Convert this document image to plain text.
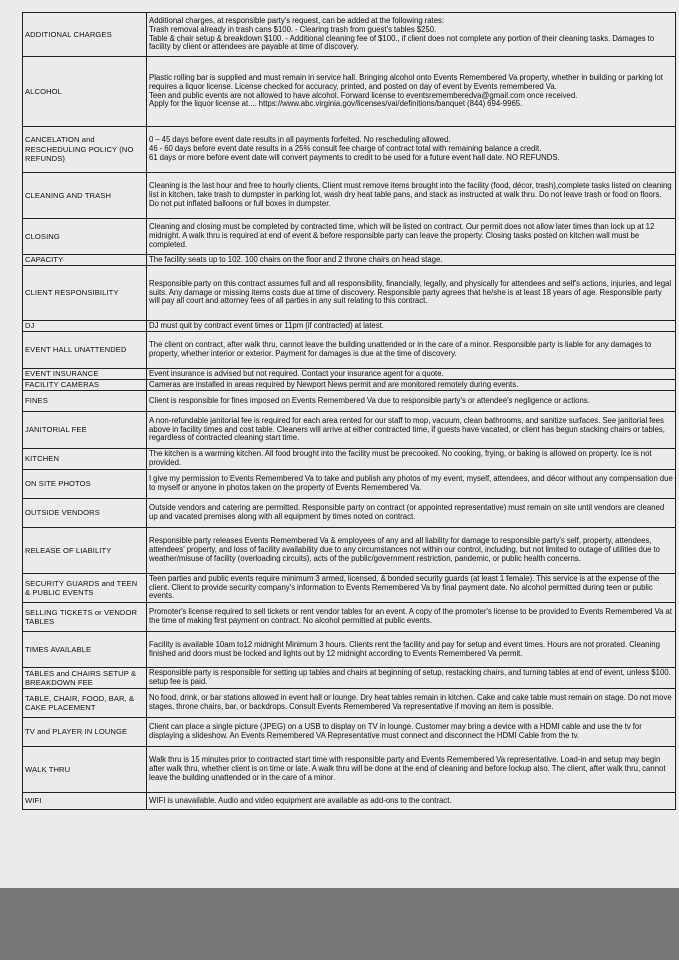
ADDITIONAL CHARGES	Additional charges, at responsible party's request, can be added at the following rates:
Trash removal already in trash cans $100. - Clearing trash from guest's tables $250.
Table & chair setup & breakdown $100. - Additional cleaning fee of $100., if client does not complete any portion of their cleaning tasks. Damages to facility by client or attendees are payable at time of discovery.

ALCOHOL	Plastic rolling bar is supplied and must remain in service hall. Bringing alcohol onto Events Remembered Va property, whether in building or parking lot requires a liquor license. License checked for accuracy, printed, and posted on day of event by Events remembered Va.
Teen and public events are not allowed to have alcohol. Forward license to eventsrememberedva@gmail.com once received.
Apply for the liquor license at.... https://www.abc.virginia.gov/licenses/vai/definitions/banquet (844) 694-9965.

CANCELATION and RESCHEDULING POLICY (NO REFUNDS)	0 – 45 days before event date results in all payments forfeited. No rescheduling allowed.
46 - 60 days before event date results in a 25% consult fee charge of contract total with remaining balance a credit.
61 days or more before event date will convert payments to credit to be used for a future event hall date. NO REFUNDS.

CLEANING AND TRASH	Cleaning is the last hour and free to hourly clients. Client must remove items brought into the facility (food, décor, trash),complete tasks listed on cleaning list in kitchen, take trash to dumpster in parking lot, wash dry heat table pans, and stack as instructed at walk thru. Do not leave trash or food on floors. Do not put inflated balloons or full boxes in dumpster.

CLOSING	Cleaning and closing must be completed by contracted time, which will be listed on contract. Our permit does not allow later times than lock up at 12 midnight. A walk thru is required at end of event & before responsible party can leave the property. Closing tasks posted on kitchen wall must be completed.

CAPACITY	The facility seats up to 102. 100 chairs on the floor and 2 throne chairs on head stage.

CLIENT RESPONSIBILITY	Responsible party on this contract assumes full and all responsibility, financially, legally, and physically for attendees and self's actions, injuries, and legal suits. Any damage or missing items costs due at time of discovery. Responsible party agrees that he/she is at least 18 years of age. Responsible party will pay all court and attorney fees of all parties in any suit relating to this contract.

DJ	DJ must quit by contract event times or 11pm (if contracted) at latest.

EVENT HALL UNATTENDED	The client on contract, after walk thru, cannot leave the building unattended or in the care of a minor. Responsible party is liable for any damages to property, whether interior or exterior. Payment for damages is due at the time of discovery.

EVENT INSURANCE	Event insurance is advised but not required. Contact your insurance agent for a quote.

FACILITY CAMERAS	Cameras are installed in areas required by Newport News permit and are monitored remotely during events.

FINES	Client is responsible for fines imposed on Events Remembered Va due to responsible party's or attendee's negligence or actions.

JANITORIAL FEE	A non-refundable janitorial fee is required for each area rented for our staff to mop, vacuum, clean bathrooms, and sanitize surfaces. See janitorial fees above in facility times and cost table. Cleaners will arrive at either contracted time, if guests have vacated, or client has begun stacking chairs or tables, regardless of contracted cleaning start time.

KITCHEN	The kitchen is a warming kitchen. All food brought into the facility must be precooked. No cooking, frying, or baking is allowed on property. Ice is not provided.

ON SITE PHOTOS	I give my permission to Events Remembered Va to take and publish any photos of my event, myself, attendees, and décor without any compensation due to myself or anyone in photos taken on the property of Events Remembered Va.

OUTSIDE VENDORS	Outside vendors and catering are permitted. Responsible party on contract (or appointed representative) must remain on site until vendors are cleaned up and vacated premises along with all equipment by times noted on contract.

RELEASE OF LIABILITY	Responsible party releases Events Remembered Va & employees of any and all liability for damage to responsible party's self, property, attendees, attendees' property, and loss of facility availability due to any circumstances not within our control, including, but not limited to outage of utilities due to weather/misuse of facility (overloading circuits), acts of the public/government restriction, pandemic, or public health concerns.

SECURITY GUARDS and TEEN & PUBLIC EVENTS	Teen parties and public events require minimum 3 armed, licensed, & bonded security guards (at least 1 female). This service is at the expense of the client. Client to provide security company's information to Events Remembered Va by final payment date. No alcohol permitted during teen or public events.

SELLING TICKETS or VENDOR TABLES	Promoter's license required to sell tickets or rent vendor tables for an event. A copy of the promoter's license to be provided to Events Remembered Va at the time of making first payment on contract. No alcohol permitted at public events.

TIMES AVAILABLE	Facility is available 10am to12 midnight Minimum 3 hours. Clients rent the facility and pay for setup and event times. Hours are not prorated. Cleaning finished and doors must be locked and lights out by 12 midnight according to Events Remembered Va permit.

TABLES and CHAIRS SETUP & BREAKDOWN FEE	Responsible party is responsible for setting up tables and chairs at beginning of setup, restacking chairs, and turning tables at end of event, unless $100. setup fee is paid.

TABLE, CHAIR, FOOD, BAR, & CAKE PLACEMENT	No food, drink, or bar stations allowed in event hall or lounge. Dry heat tables remain in kitchen. Cake and cake table must remain on stage. Do not move stages, throne chairs, bar, or backdrops. Consult Events Remembered Va representative if moving an item is possible.

TV and PLAYER IN LOUNGE	Client can place a single picture (JPEG) on a USB to display on TV in lounge. Customer may bring a device with a HDMI cable and use the tv for displaying a slideshow. An Events Remembered VA Representative must connect and disconnect the HDMI Cable from the tv.

WALK THRU	Walk thru is 15 minutes prior to contracted start time with responsible party and Events Remembered Va representative. Load-in and setup may begin after walk thru, whether client is on time or late. A walk thru will be done at the end of cleaning and before lockup also. The client, after walk thru, cannot leave the building unattended or in the care of a minor.

WIFI	WIFI is unavailable. Audio and video equipment are available as add-ons to the contract.
